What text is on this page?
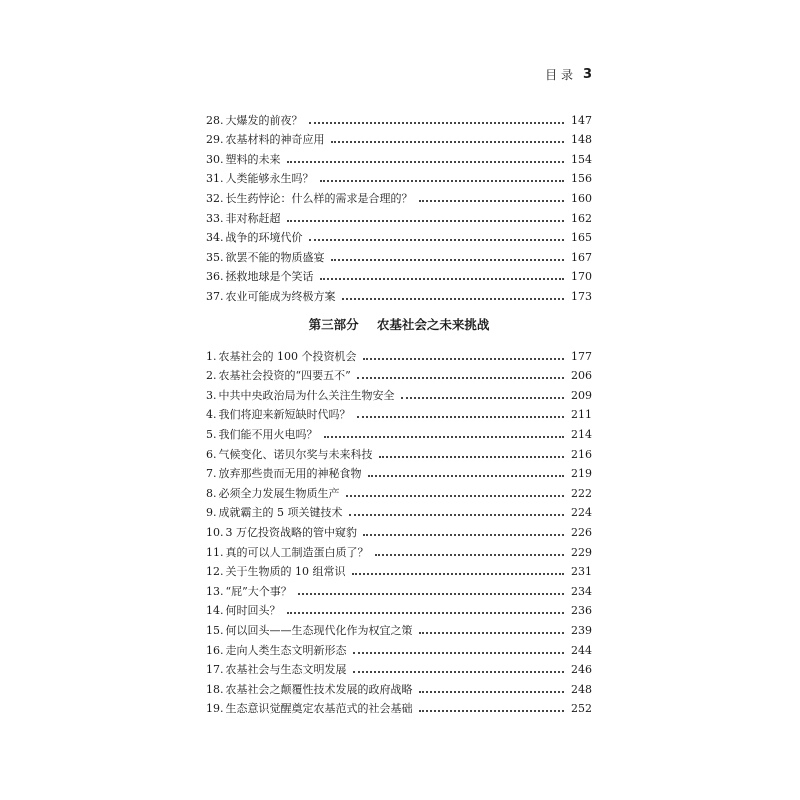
目 录 3
28. 大爆发的前夜？	147
29. 农基材料的神奇应用	148
30. 塑料的未来	154
31. 人类能够永生吗？	156
32. 长生药悖论：什么样的需求是合理的？	160
33. 非对称赶超	162
34. 战争的环境代价	165
35. 欲罢不能的物质盛宴	167
36. 拯救地球是个笑话	170
37. 农业可能成为终极方案	173
第三部分 农基社会之未来挑战
1. 农基社会的 100 个投资机会	177
2. 农基社会投资的“四要五不”	206
3. 中共中央政治局为什么关注生物安全	209
4. 我们将迎来新短缺时代吗？	211
5. 我们能不用火电吗？	214
6. 气候变化、诺贝尔奖与未来科技	216
7. 放弃那些贵而无用的神秘食物	219
8. 必须全力发展生物质生产	222
9. 成就霸主的 5 项关键技术	224
10. 3 万亿投资战略的管中窥豹	226
11. 真的可以人工制造蛋白质了？	229
12. 关于生物质的 10 组常识	231
13. “屁”大个事？	234
14. 何时回头？	236
15. 何以回头——生态现代化作为权宜之策	239
16. 走向人类生态文明新形态	244
17. 农基社会与生态文明发展	246
18. 农基社会之颠覆性技术发展的政府战略	248
19. 生态意识觉醒奠定农基范式的社会基础	252
